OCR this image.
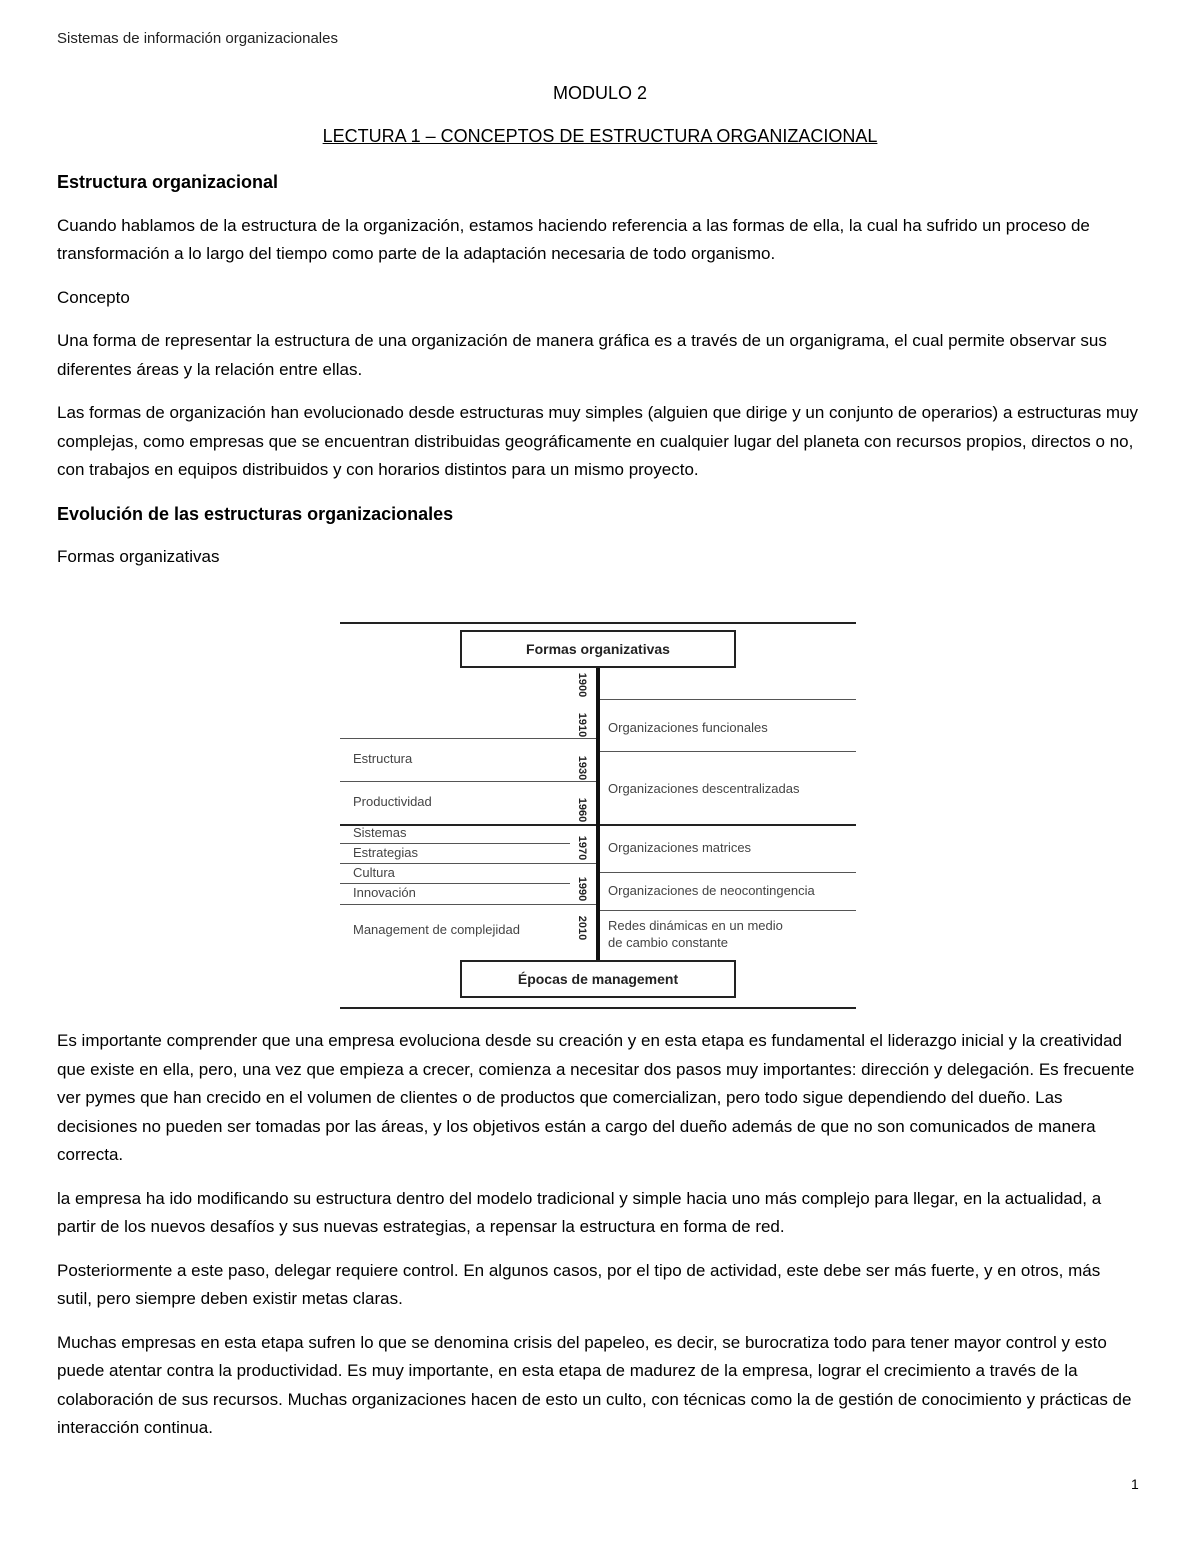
Sistemas de información organizacionales
MODULO 2
LECTURA 1 – CONCEPTOS DE ESTRUCTURA ORGANIZACIONAL

Estructura organizacional

Cuando hablamos de la estructura de la organización, estamos haciendo referencia a las formas de ella, la cual ha sufrido un proceso de transformación a lo largo del tiempo como parte de la adaptación necesaria de todo organismo.

Concepto

Una forma de representar la estructura de una organización de manera gráfica es a través de un organigrama, el cual permite observar sus diferentes áreas y la relación entre ellas.

Las formas de organización han evolucionado desde estructuras muy simples (alguien que dirige y un conjunto de operarios) a estructuras muy complejas, como empresas que se encuentran distribuidas geográficamente en cualquier lugar del planeta con recursos propios, directos o no, con trabajos en equipos distribuidos y con horarios distintos para un mismo proyecto.

Evolución de las estructuras organizacionales

Formas organizativas

Formas organizativas
1900
1910
1930
1960
1970
1990
2010
Estructura
Productividad
Sistemas
Estrategias
Cultura
Innovación
Management de complejidad
Organizaciones funcionales
Organizaciones descentralizadas
Organizaciones matrices
Organizaciones de neocontingencia
Redes dinámicas en un medio
de cambio constante
Épocas de management

Es importante comprender que una empresa evoluciona desde su creación y en esta etapa es fundamental el liderazgo inicial y la creatividad que existe en ella, pero, una vez que empieza a crecer, comienza a necesitar dos pasos muy importantes: dirección y delegación. Es frecuente ver pymes que han crecido en el volumen de clientes o de productos que comercializan, pero todo sigue dependiendo del dueño. Las decisiones no pueden ser tomadas por las áreas, y los objetivos están a cargo del dueño además de que no son comunicados de manera correcta.

la empresa ha ido modificando su estructura dentro del modelo tradicional y simple hacia uno más complejo para llegar, en la actualidad, a partir de los nuevos desafíos y sus nuevas estrategias, a repensar la estructura en forma de red.

Posteriormente a este paso, delegar requiere control. En algunos casos, por el tipo de actividad, este debe ser más fuerte, y en otros, más sutil, pero siempre deben existir metas claras.

Muchas empresas en esta etapa sufren lo que se denomina crisis del papeleo, es decir, se burocratiza todo para tener mayor control y esto puede atentar contra la productividad. Es muy importante, en esta etapa de madurez de la empresa, lograr el crecimiento a través de la colaboración de sus recursos. Muchas organizaciones hacen de esto un culto, con técnicas como la de gestión de conocimiento y prácticas de interacción continua.

1
